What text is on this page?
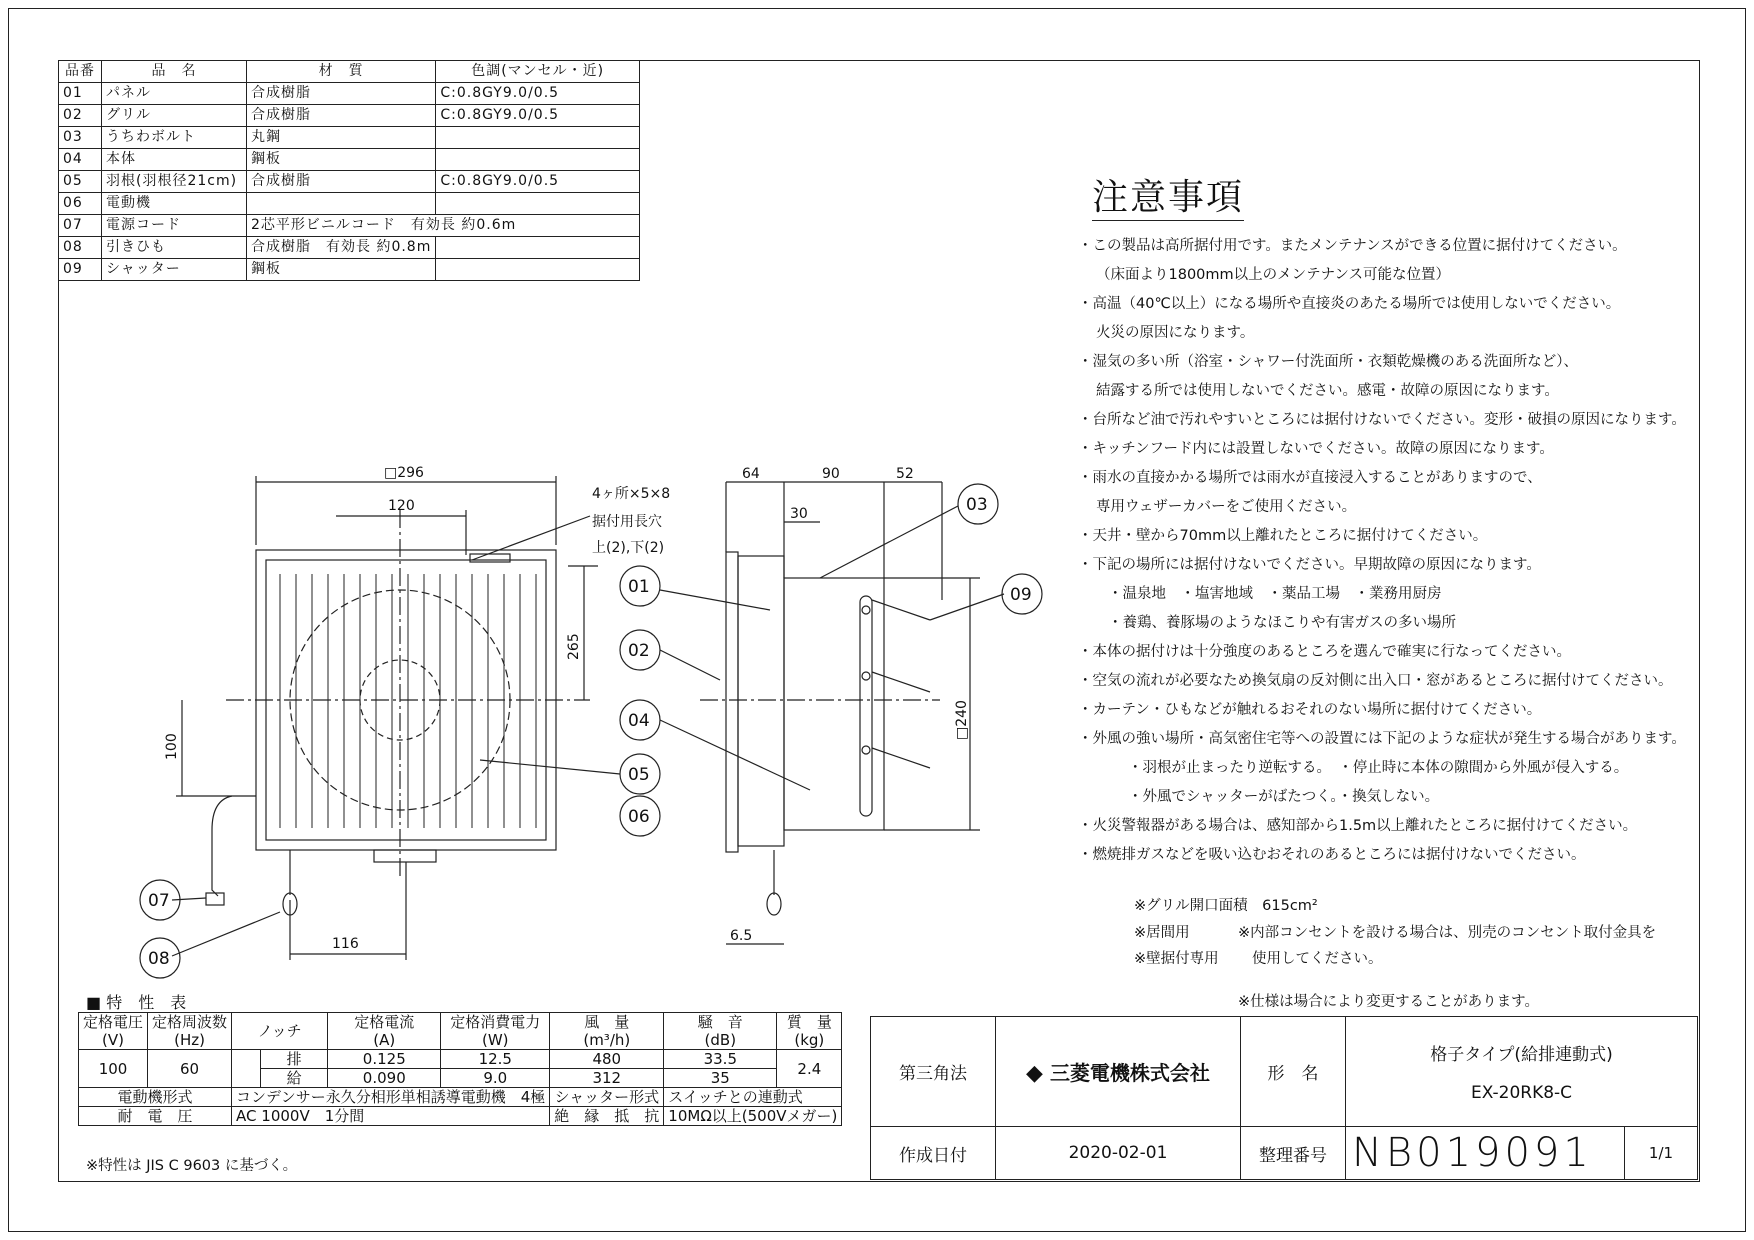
品番	品　名	材　質	色調(マンセル・近)
01	パネル	合成樹脂	C:0.8GY9.0/0.5
02	グリル	合成樹脂	C:0.8GY9.0/0.5
03	うちわボルト	丸鋼	
04	本体	鋼板	
05	羽根(羽根径21cm)	合成樹脂	C:0.8GY9.0/0.5
06	電動機		
07	電源コード	2芯平形ビニルコード　有効長 約0.6m	
08	引きひも	合成樹脂　有効長 約0.8m	
09	シャッター	鋼板	
注意事項
・この製品は高所据付用です。またメンテナンスができる位置に据付けてください。
（床面より1800mm以上のメンテナンス可能な位置）
・高温（40℃以上）になる場所や直接炎のあたる場所では使用しないでください。
火災の原因になります。
・湿気の多い所（浴室・シャワー付洗面所・衣類乾燥機のある洗面所など）、
結露する所では使用しないでください。感電・故障の原因になります。
・台所など油で汚れやすいところには据付けないでください。変形・破損の原因になります。
・キッチンフード内には設置しないでください。故障の原因になります。
・雨水の直接かかる場所では雨水が直接浸入することがありますので、
専用ウェザーカバーをご使用ください。
・天井・壁から70mm以上離れたところに据付けてください。
・下記の場所には据付けないでください。早期故障の原因になります。
・温泉地　・塩害地域　・薬品工場　・業務用厨房
・養鶏、養豚場のようなほこりや有害ガスの多い場所
・本体の据付けは十分強度のあるところを選んで確実に行なってください。
・空気の流れが必要なため換気扇の反対側に出入口・窓があるところに据付けてください。
・カーテン・ひもなどが触れるおそれのない場所に据付けてください。
・外風の強い場所・高気密住宅等への設置には下記のような症状が発生する場合があります。
・羽根が止まったり逆転する。　・停止時に本体の隙間から外風が侵入する。
・外風でシャッターがばたつく。・換気しない。
・火災警報器がある場合は、感知部から1.5m以上離れたところに据付けてください。
・燃焼排ガスなどを吸い込むおそれのあるところには据付けないでください。
※グリル開口面積　615cm²
※居間用
※壁据付専用
※内部コンセントを設ける場合は、別売のコンセント取付金具を
使用してください。
※仕様は場合により変更することがあります。
□296
120
265
100
116
64	90	52
30
□240
6.5
4ヶ所×5×8
据付用長穴
上(2),下(2)
01
02
03
04
05
06
07
08
09
■ 特　性　表
定格電圧
(V)	定格周波数
(Hz)	ノッチ		定格電流
(A)	定格消費電力
(W)	風　量
(m³/h)	騒　音
(dB)	質　量
(kg)
100	60		排	0.125	12.5	480	33.5	2.4
			給	0.090	9.0	312	35	
電動機形式		コンデンサー永久分相形単相誘導電動機　4極				シャッター形式	スイッチとの連動式	
耐　電　圧		AC 1000V　1分間				絶　縁　抵　抗	10MΩ以上(500Vメガー)	
※特性は JIS C 9603 に基づく。
第三角法	◆ 三菱電機株式会社	形　名	格子タイプ(給排連動式)
EX-20RK8-C	

作成日付	2020-02-01	整理番号	NB019091	1/1
